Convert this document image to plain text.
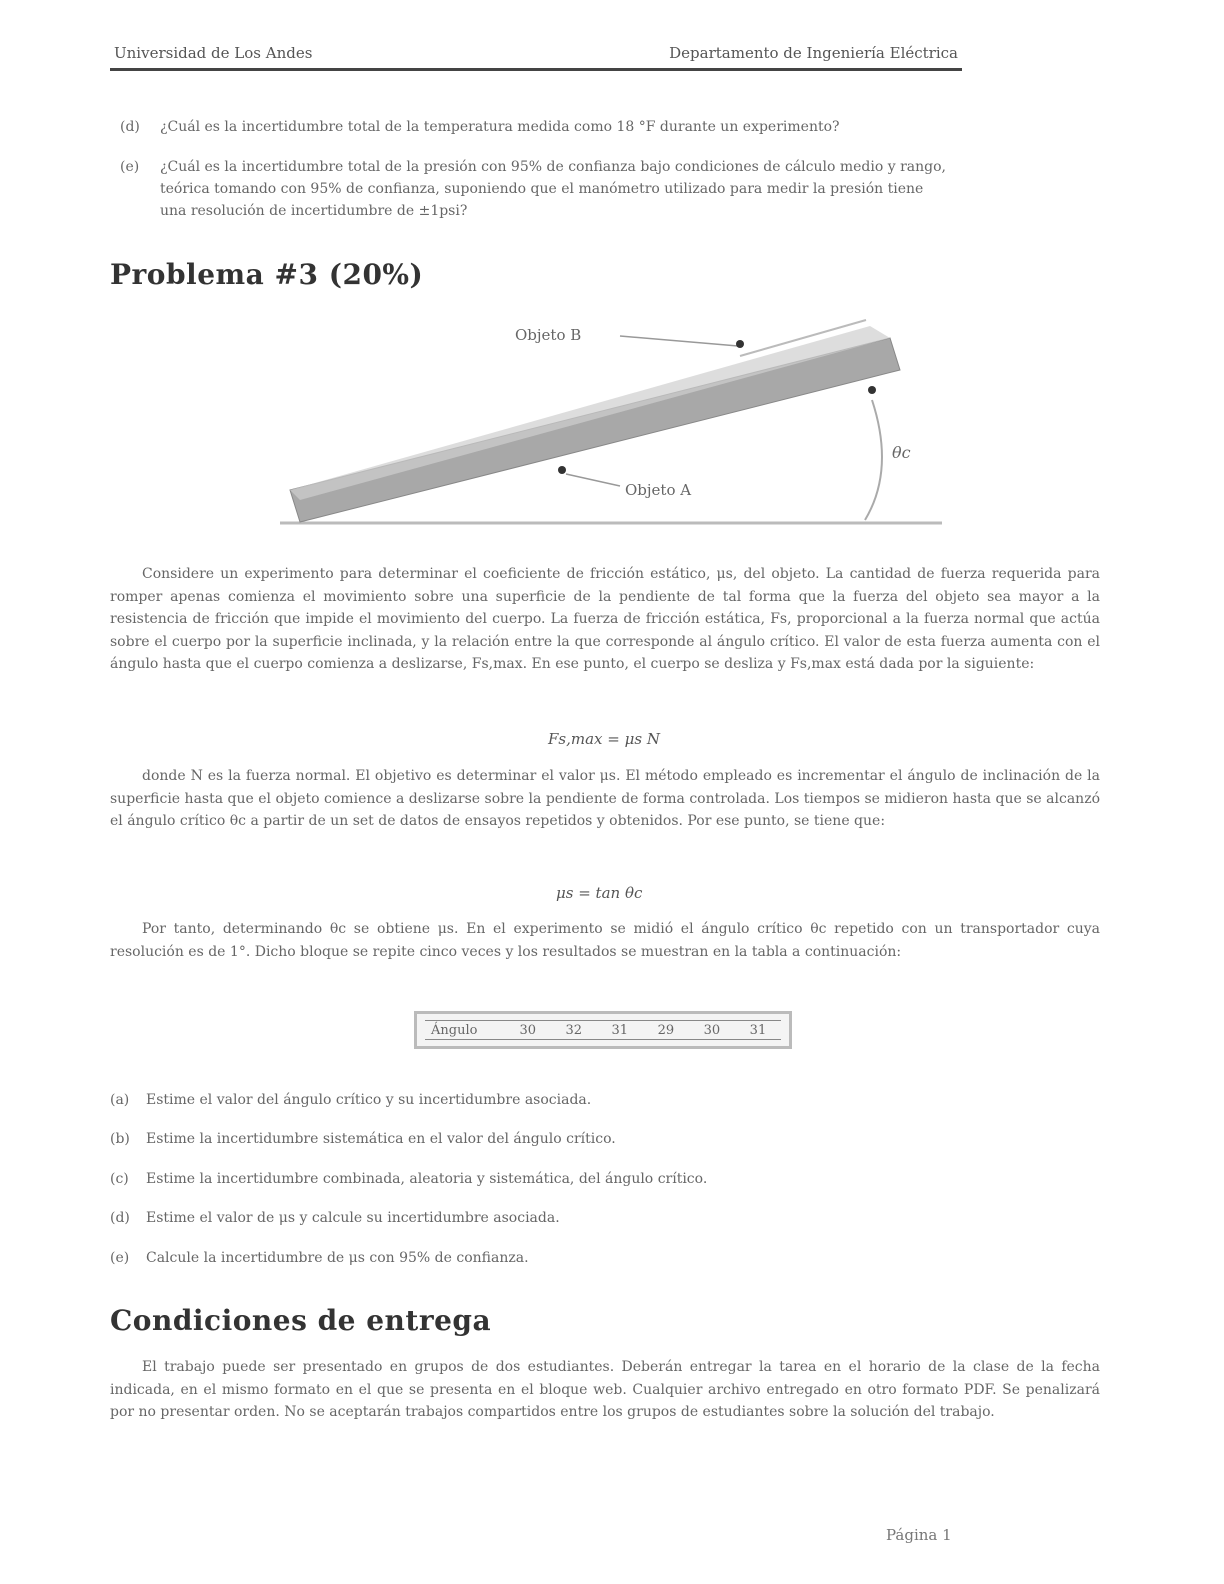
Universidad de Los Andes	Departamento de Ingeniería Eléctrica
(d) ¿Cuál es la incertidumbre total de la temperatura medida como 18 °F durante un experimento?
(e) ¿Cuál es la incertidumbre total de la presión con 95% de confianza bajo condiciones de cálculo medio y rango,
teórica tomando con 95% de confianza, suponiendo que el manómetro utilizado para medir la presión tiene
una resolución de incertidumbre de ±1psi?
Problema #3 (20%)
Objeto B
Objeto A
θc

Considere un experimento para determinar el coeficiente de fricción estático, μs, del objeto. La cantidad de fuerza requerida para romper apenas comienza el movimiento sobre una superficie de la pendiente de tal forma que la fuerza del objeto sea mayor a la resistencia de fricción que impide el movimiento del cuerpo. La fuerza de fricción estática, Fs, proporcional a la fuerza normal que actúa sobre el cuerpo por la superficie inclinada, y la relación entre la que corresponde al ángulo crítico. El valor de esta fuerza aumenta con el ángulo hasta que el cuerpo comienza a deslizarse, Fs,max. En ese punto, el cuerpo se desliza y Fs,max está dada por la siguiente:

Fs,max = μs N

donde N es la fuerza normal. El objetivo es determinar el valor μs. El método empleado es incrementar el ángulo de inclinación de la superficie hasta que el objeto comience a deslizarse sobre la pendiente de forma controlada. Los tiempos se midieron hasta que se alcanzó el ángulo crítico θc a partir de un set de datos de ensayos repetidos y obtenidos. Por ese punto, se tiene que:

μs = tan θc

Por tanto, determinando θc se obtiene μs. En el experimento se midió el ángulo crítico θc repetido con un transportador cuya resolución es de 1°. Dicho bloque se repite cinco veces y los resultados se muestran en la tabla a continuación:

Ángulo	30	32	31	29	30	31
(a) Estime el valor del ángulo crítico y su incertidumbre asociada.
(b) Estime la incertidumbre sistemática en el valor del ángulo crítico.
(c) Estime la incertidumbre combinada, aleatoria y sistemática, del ángulo crítico.
(d) Estime el valor de μs y calcule su incertidumbre asociada.
(e) Calcule la incertidumbre de μs con 95% de confianza.
Condiciones de entrega

El trabajo puede ser presentado en grupos de dos estudiantes. Deberán entregar la tarea en el horario de la clase de la fecha indicada, en el mismo formato en el que se presenta en el bloque web. Cualquier archivo entregado en otro formato PDF. Se penalizará por no presentar orden. No se aceptarán trabajos compartidos entre los grupos de estudiantes sobre la solución del trabajo.

Página 1
